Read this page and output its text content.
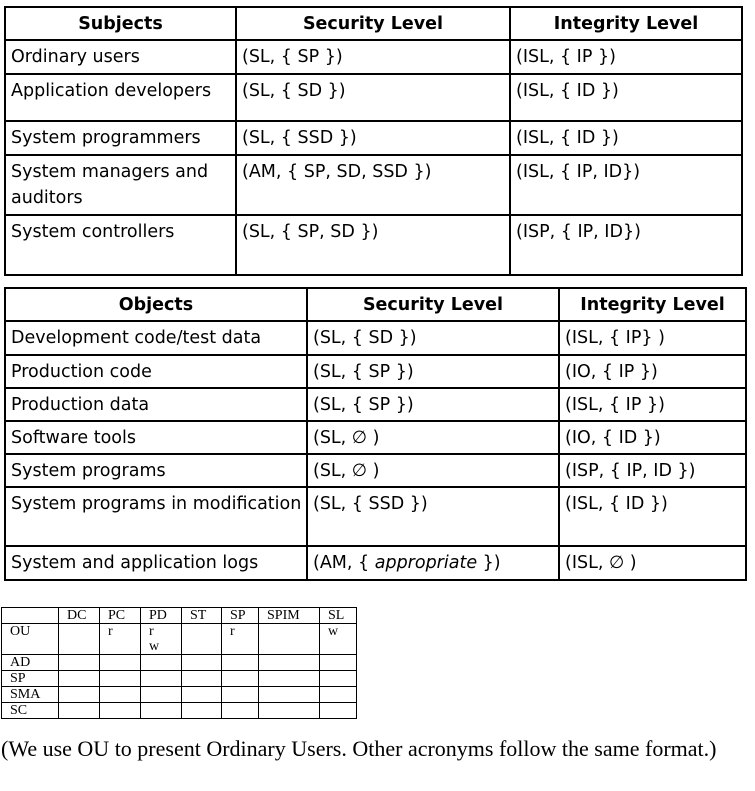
Subjects	Security Level	Integrity Level

Ordinary users	(SL, { SP })	(ISL, { IP })

Application developers	(SL, { SD })	(ISL, { ID })

System programmers	(SL, { SSD })	(ISL, { ID })

System managers and auditors	(AM, { SP, SD, SSD })	(ISL, { IP, ID})

System controllers	(SL, { SP, SD })	(ISP, { IP, ID})
Objects	Security Level	Integrity Level

Development code/test data	(SL, { SD })	(ISL, { IP} )

Production code	(SL, { SP })	(IO, { IP })

Production data	(SL, { SP })	(ISL, { IP })

Software tools	(SL, ∅ )	(IO, { ID })

System programs	(SL, ∅ )	(ISP, { IP, ID })

System programs in modification	(SL, { SSD })	(ISL, { ID })

System and application logs	(AM, { appropriate })	(ISL, ∅ )
	DC	PC	PD	ST	SP	SPIM	SL
OU		r	r w		r		w
AD							
SP							
SMA							
SC							

(We use OU to present Ordinary Users. Other acronyms follow the same format.)
